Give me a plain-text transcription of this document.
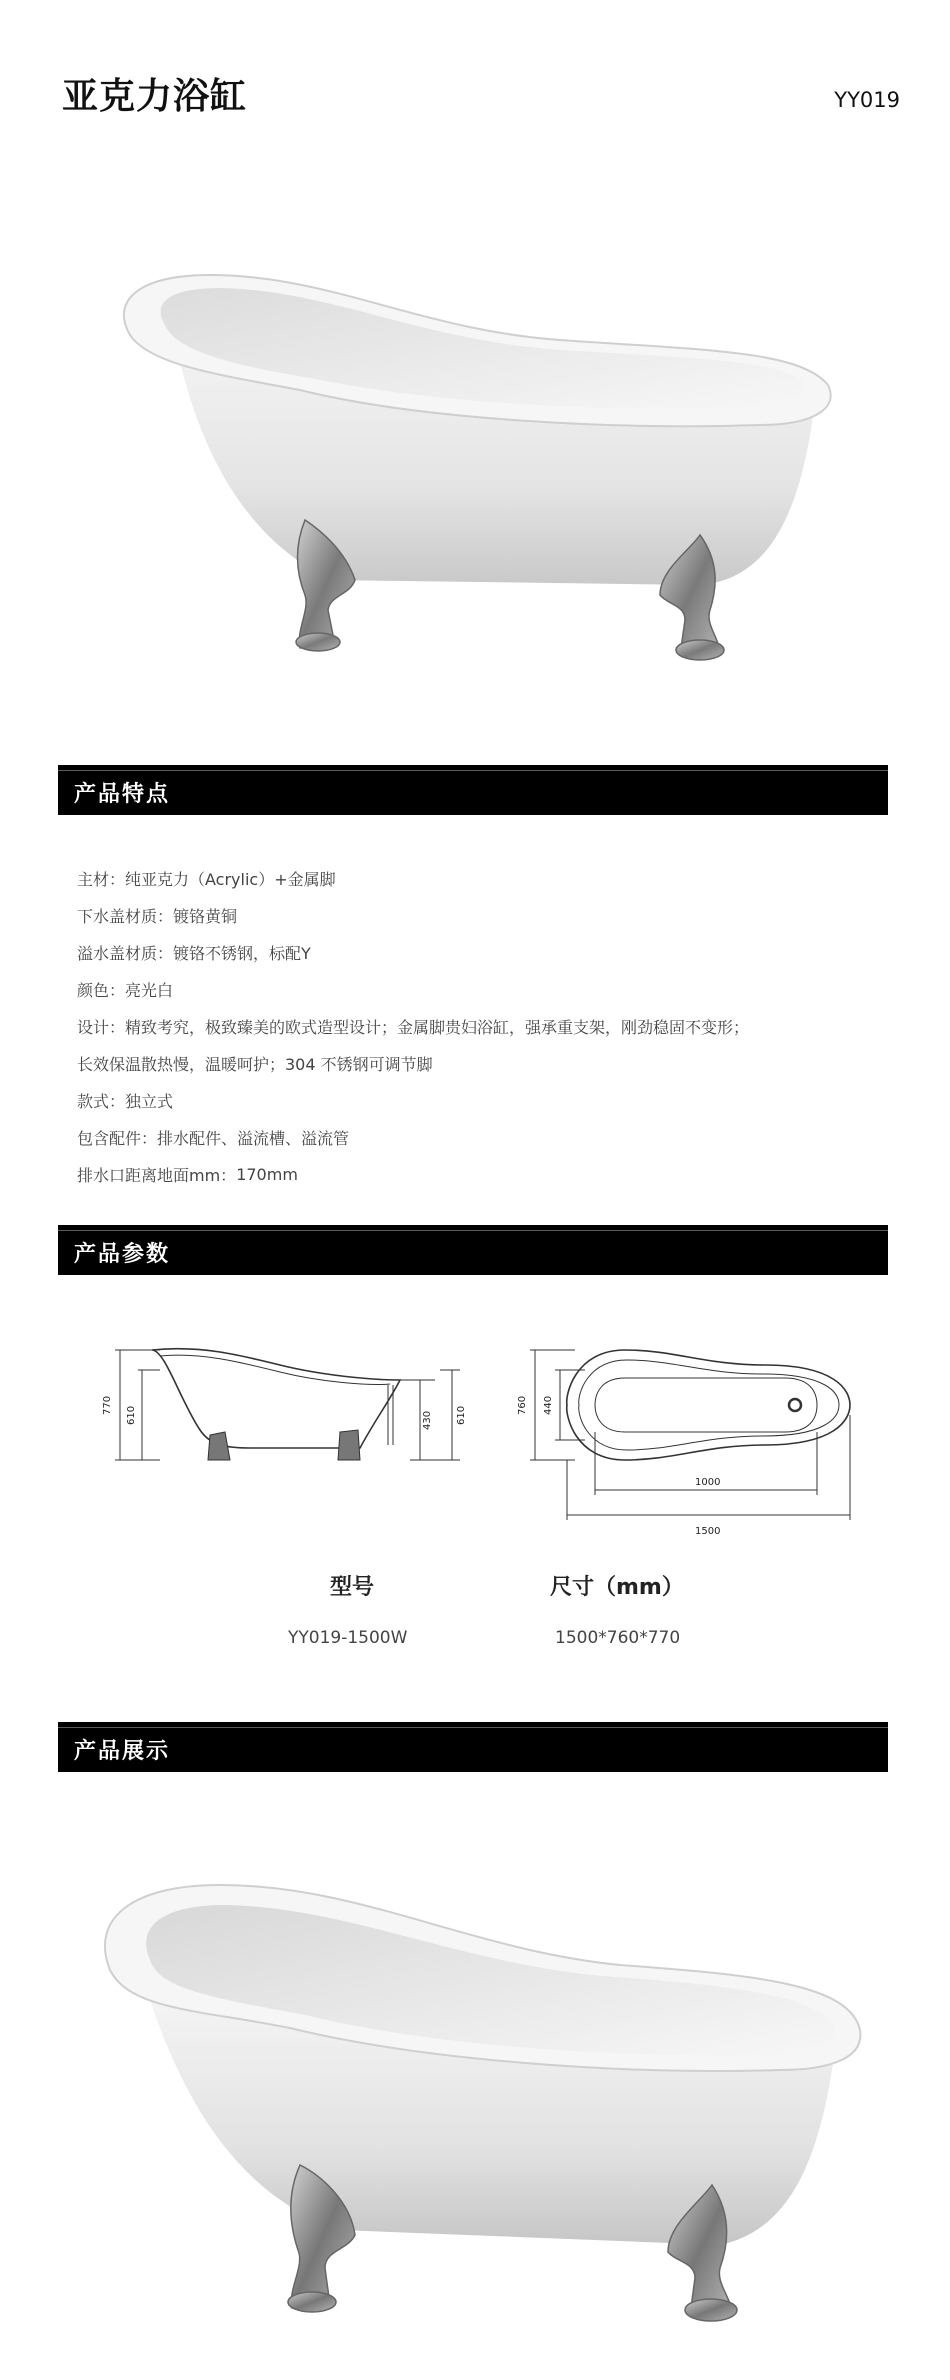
亚克力浴缸	YY019
产品特点
主材： 纯亚克力（Acrylic）+金属脚
下水盖材质： 镀铬黄铜
溢水盖材质： 镀铬不锈钢，标配Y
颜色： 亮光白
设计： 精致考究，极致臻美的欧式造型设计；金属脚贵妇浴缸，强承重支架，刚劲稳固不变形；
长效保温散热慢，温暖呵护；304 不锈钢可调节脚
款式： 独立式
包含配件： 排水配件、溢流槽、溢流管
排水口距离地面mm： 170mm
产品参数
770
610	430 610
760 440
1000
1500
型号	尺寸（mm）
YY019-1500W	1500*760*770
产品展示
